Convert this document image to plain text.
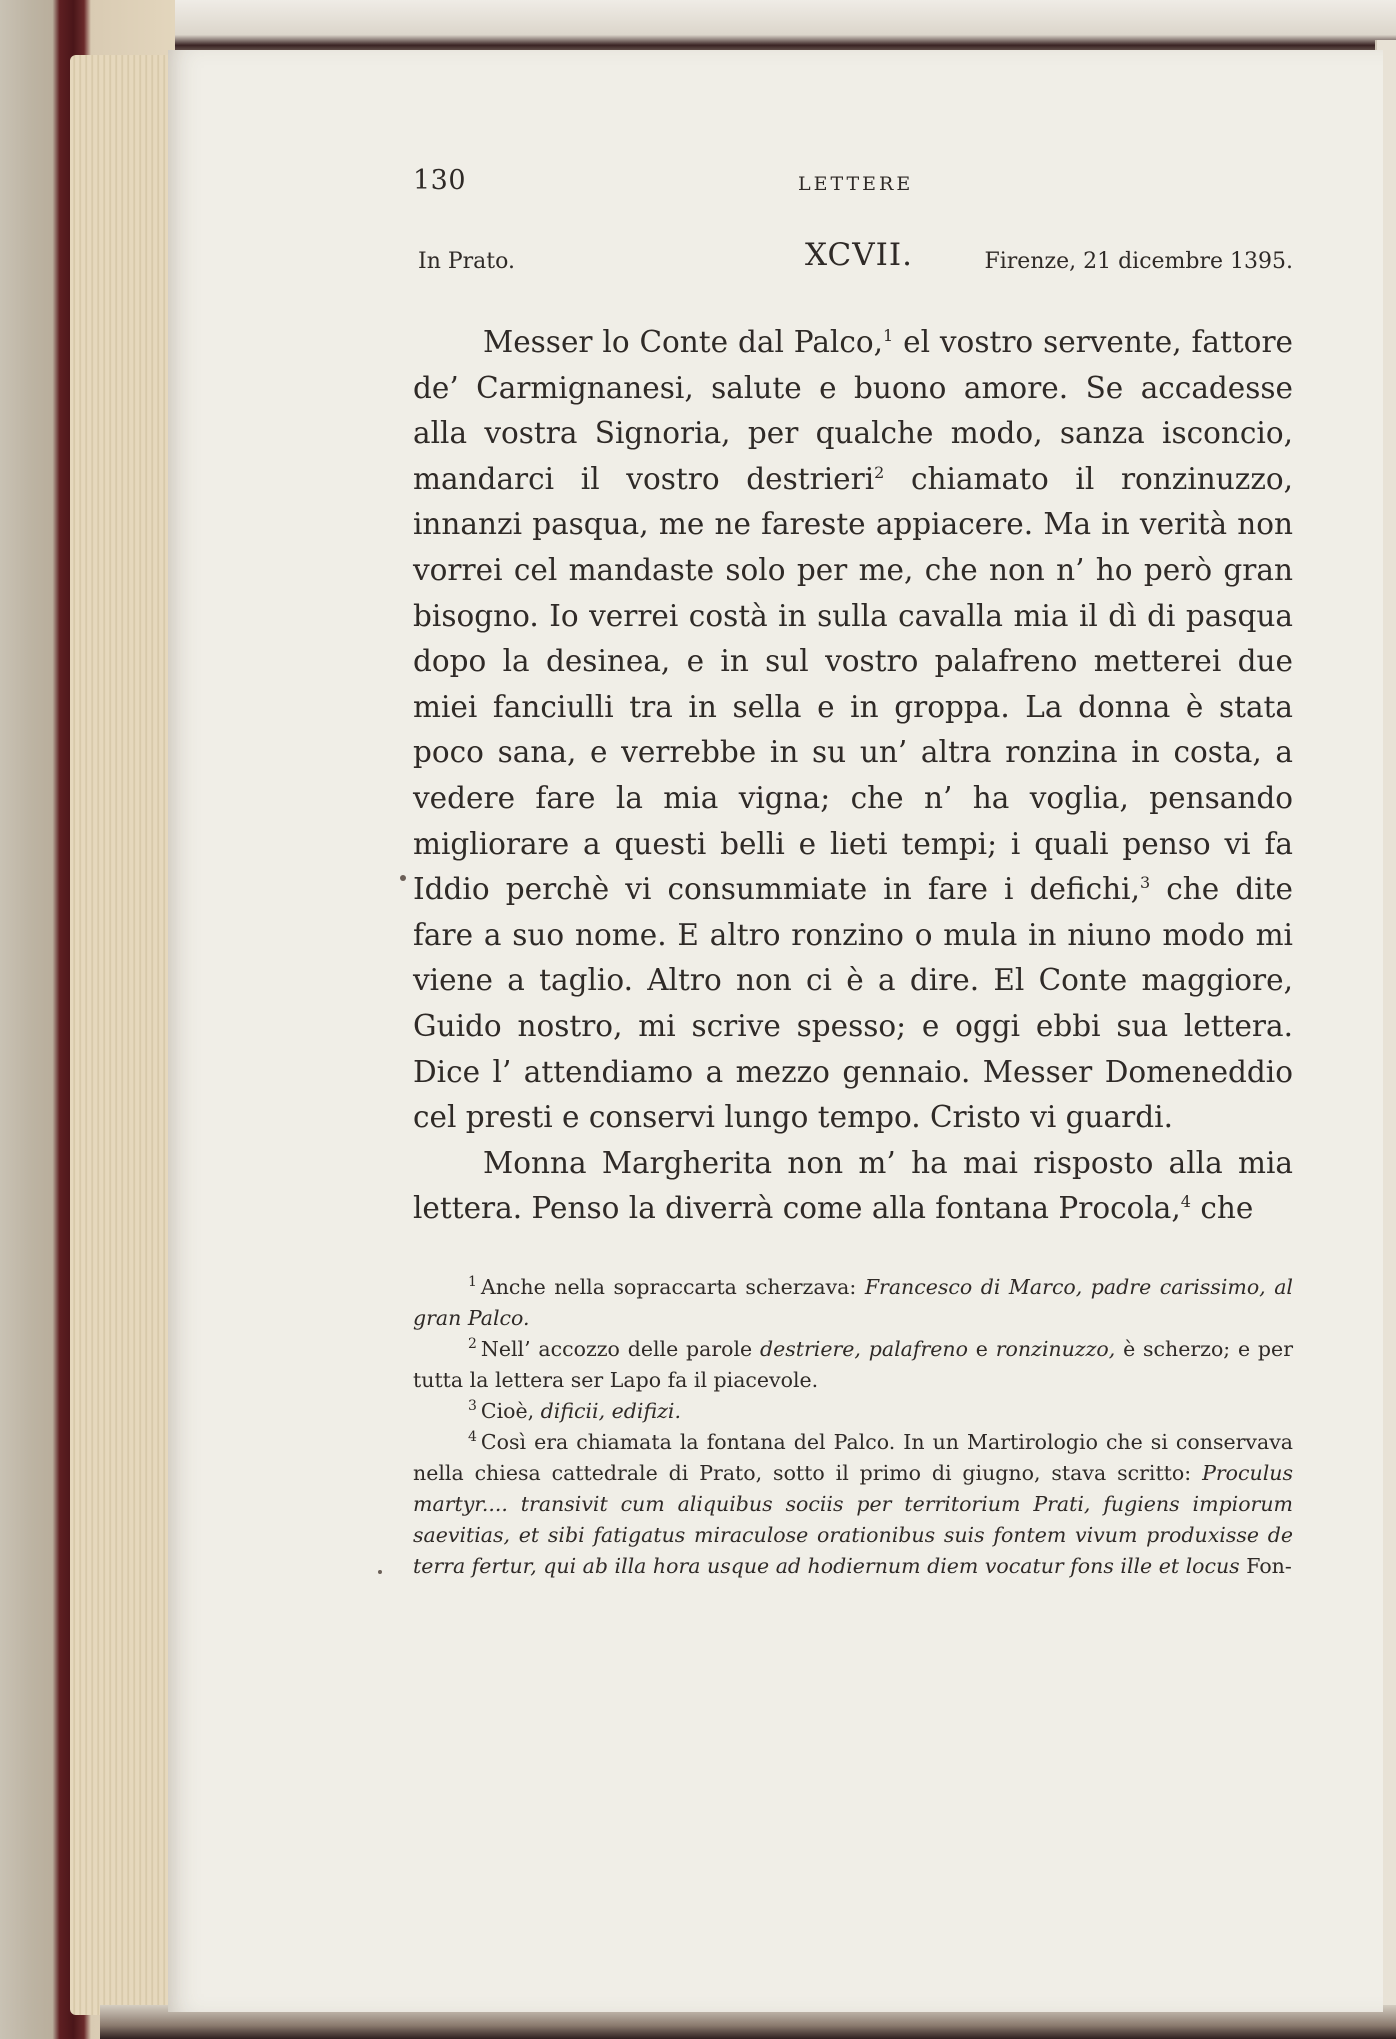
130	LETTERE
In Prato.	XCVII.	Firenze, 21 dicembre 1395.

Messer lo Conte dal Palco,$^1$ el vostro servente, fattore de’ Carmignanesi, salute e buono amore. Se accadesse alla vostra Signoria, per qualche modo, sanza isconcio, mandarci il vostro destrieri$^2$ chiamato il ronzinuzzo, innanzi pasqua, me ne fareste appiacere. Ma in verità non vorrei cel mandaste solo per me, che non n’ ho però gran bisogno. Io verrei costà in sulla cavalla mia il dì di pasqua dopo la desinea, e in sul vostro palafreno metterei due miei fanciulli tra in sella e in groppa. La donna è stata poco sana, e verrebbe in su un’ altra ronzina in costa, a vedere fare la mia vigna; che n’ ha voglia, pensando migliorare a questi belli e lieti tempi; i quali penso vi fa Iddio perchè vi consummiate in fare i defichi,$^3$ che dite fare a suo nome. E altro ronzino o mula in niuno modo mi viene a taglio. Altro non ci è a dire. El Conte maggiore, Guido nostro, mi scrive spesso; e oggi ebbi sua lettera. Dice l’ attendiamo a mezzo gennaio. Messer Domeneddio cel presti e conservi lungo tempo. Cristo vi guardi.

Monna Margherita non m’ ha mai risposto alla mia lettera. Penso la diverrà come alla fontana Procola,$^4$ che

$^1$ Anche nella sopraccarta scherzava: Francesco di Marco, padre carissimo, al gran Palco.

$^2$ Nell’ accozzo delle parole destriere, palafreno e ronzinuzzo, è scherzo; e per tutta la lettera ser Lapo fa il piacevole.

$^3$ Cioè, dificii, edifizi.

$^4$ Così era chiamata la fontana del Palco. In un Martirologio che si conservava nella chiesa cattedrale di Prato, sotto il primo di giugno, stava scritto: Proculus martyr.... transivit cum aliquibus sociis per territorium Prati, fugiens impiorum saevitias, et sibi fatigatus miraculose orationibus suis fontem vivum produxisse de terra fertur, qui ab illa hora usque ad hodiernum diem vocatur fons ille et locus Fon-
